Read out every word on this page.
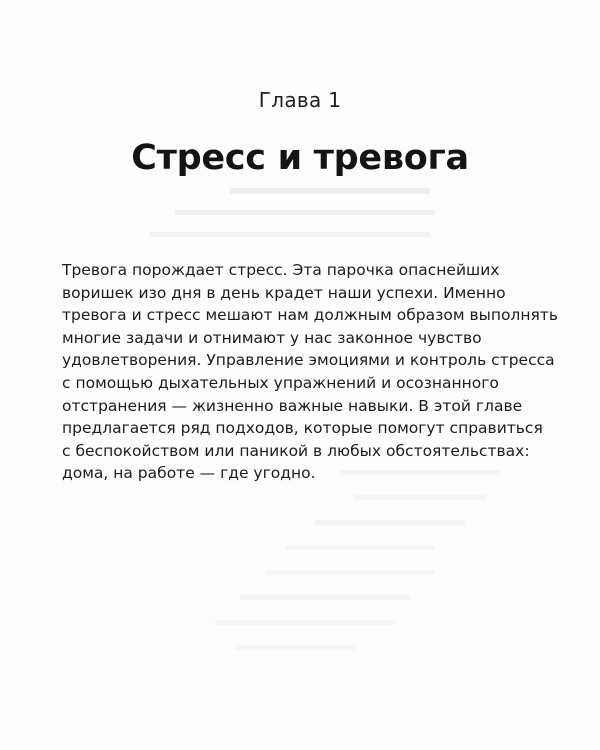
Глава 1
Стресс и тревога
Тревога порождает стресс. Эта парочка опаснейших
воришек изо дня в день крадет наши успехи. Именно
тревога и стресс мешают нам должным образом выполнять
многие задачи и отнимают у нас законное чувство
удовлетворения. Управление эмоциями и контроль стресса
с помощью дыхательных упражнений и осознанного
отстранения — жизненно важные навыки. В этой главе
предлагается ряд подходов, которые помогут справиться
с беспокойством или паникой в любых обстоятельствах:
дома, на работе — где угодно.
